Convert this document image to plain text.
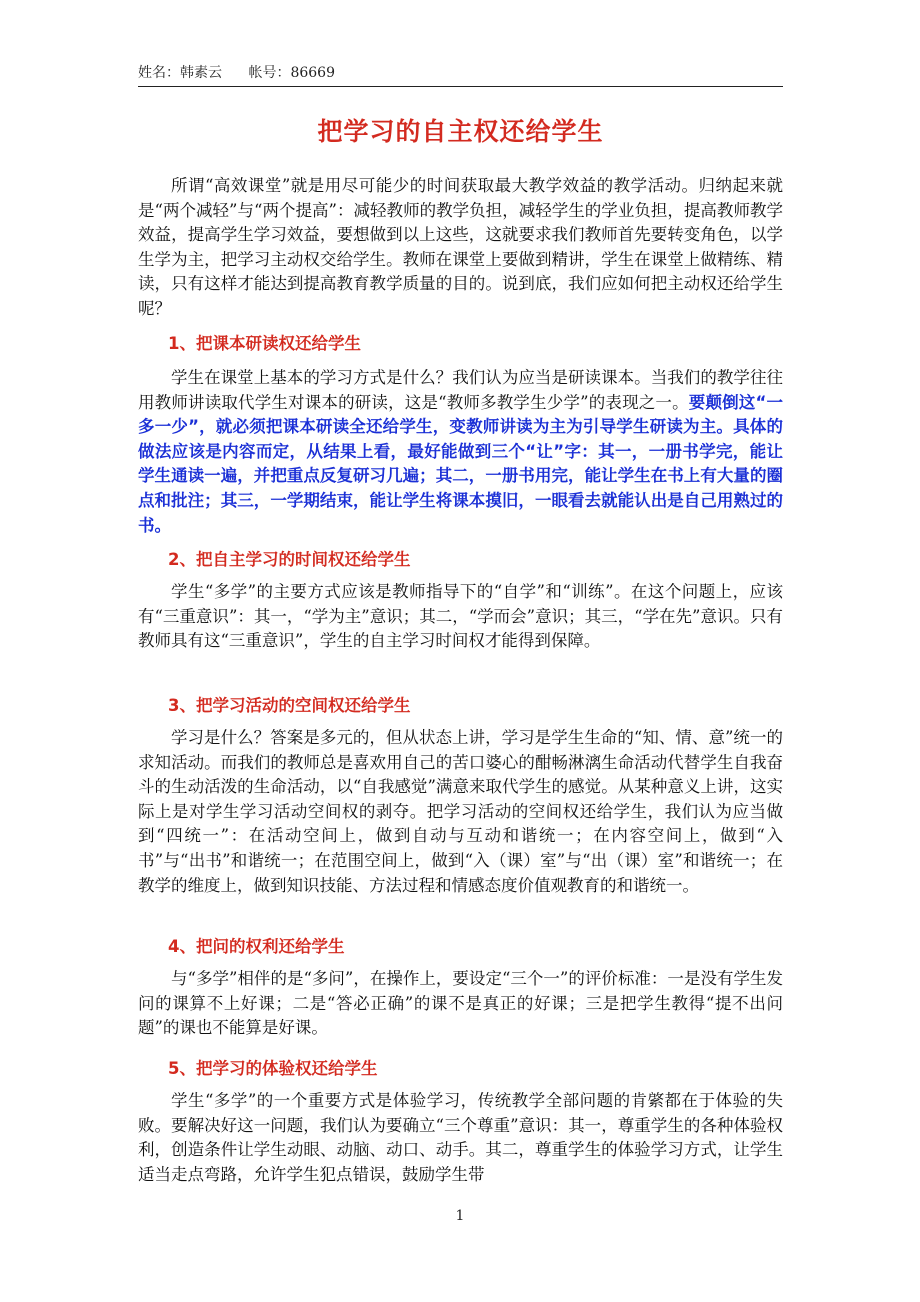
姓名：韩素云 帐号：86669
把学习的自主权还给学生

所谓“高效课堂”就是用尽可能少的时间获取最大教学效益的教学活动。归纳起来就是“两个减轻”与“两个提高”：减轻教师的教学负担，减轻学生的学业负担，提高教师教学效益，提高学生学习效益，要想做到以上这些，这就要求我们教师首先要转变角色，以学生学为主，把学习主动权交给学生。教师在课堂上要做到精讲，学生在课堂上做精练、精读，只有这样才能达到提高教育教学质量的目的。说到底，我们应如何把主动权还给学生呢？

1、把课本研读权还给学生

学生在课堂上基本的学习方式是什么？我们认为应当是研读课本。当我们的教学往往用教师讲读取代学生对课本的研读，这是“教师多教学生少学”的表现之一。要颠倒这“一多一少”，就必须把课本研读全还给学生，变教师讲读为主为引导学生研读为主。具体的做法应该是内容而定，从结果上看，最好能做到三个“让”字：其一，一册书学完，能让学生通读一遍，并把重点反复研习几遍；其二，一册书用完，能让学生在书上有大量的圈点和批注；其三，一学期结束，能让学生将课本摸旧，一眼看去就能认出是自己用熟过的书。

2、把自主学习的时间权还给学生

学生“多学”的主要方式应该是教师指导下的“自学”和“训练”。在这个问题上，应该有“三重意识”：其一，“学为主”意识；其二，“学而会”意识；其三，“学在先”意识。只有教师具有这“三重意识”，学生的自主学习时间权才能得到保障。

3、把学习活动的空间权还给学生

学习是什么？答案是多元的，但从状态上讲，学习是学生生命的“知、情、意”统一的求知活动。而我们的教师总是喜欢用自己的苦口婆心的酣畅淋漓生命活动代替学生自我奋斗的生动活泼的生命活动，以“自我感觉”满意来取代学生的感觉。从某种意义上讲，这实际上是对学生学习活动空间权的剥夺。把学习活动的空间权还给学生，我们认为应当做到“四统一”：在活动空间上，做到自动与互动和谐统一；在内容空间上，做到“入书”与“出书”和谐统一；在范围空间上，做到“入（课）室”与“出（课）室”和谐统一；在教学的维度上，做到知识技能、方法过程和情感态度价值观教育的和谐统一。

4、把问的权利还给学生

与“多学”相伴的是“多问”，在操作上，要设定“三个一”的评价标准：一是没有学生发问的课算不上好课；二是“答必正确”的课不是真正的好课；三是把学生教得“提不出问题”的课也不能算是好课。

5、把学习的体验权还给学生

学生“多学”的一个重要方式是体验学习，传统教学全部问题的肯綮都在于体验的失败。要解决好这一问题，我们认为要确立“三个尊重”意识：其一，尊重学生的各种体验权利，创造条件让学生动眼、动脑、动口、动手。其二，尊重学生的体验学习方式，让学生适当走点弯路，允许学生犯点错误，鼓励学生带

1
